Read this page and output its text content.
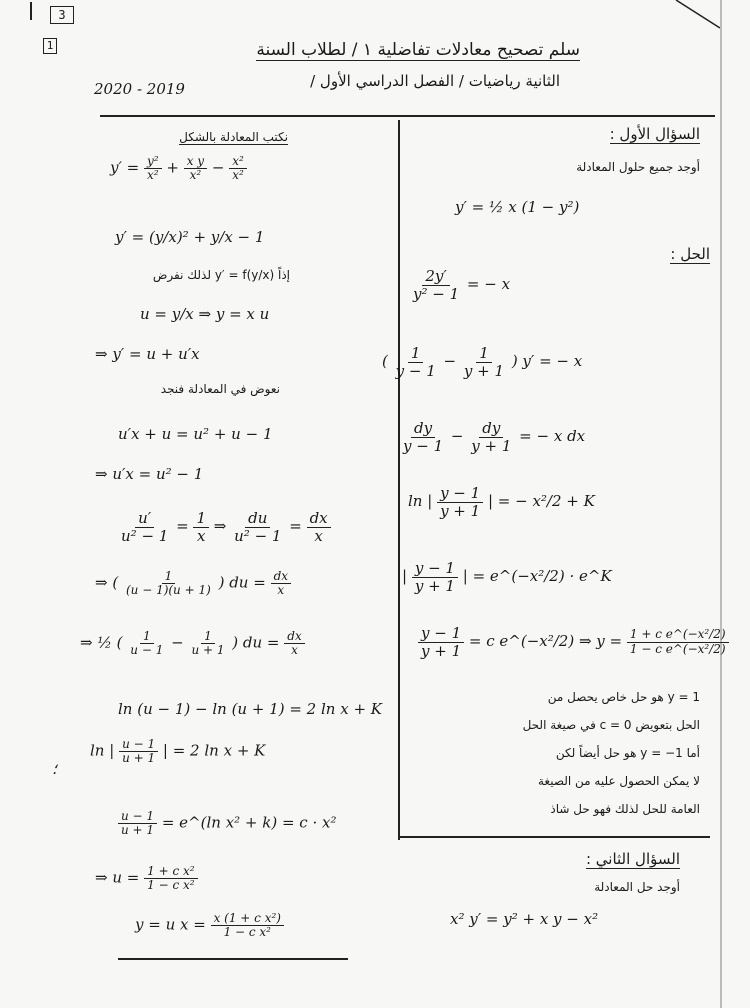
3
1	سلم تصحيح معادلات تفاضلية ١ / لطلاب السنة
الثانية رياضيات / الفصل الدراسي الأول /
2020 - 2019
السؤال الأول :
أوجد جميع حلول المعادلة
y′ = ½ x (1 − y²)
الحل :
$\frac{2y'}{\text{y² − 1}}$ = − x
( $\frac{1}{y - 1} - \frac{1}{y + 1}$ ) y′ = − x
$\frac{dy}{y - 1} - \frac{dy}{y + 1}$ = − x dx
ln | $\frac{y - 1}{y + 1}$ | = − x²/2 + K
| $\frac{y - 1}{y + 1}$ | = e^(−x²/2) · e^K
$\frac{y - 1}{y + 1} = c$ e^(−x²/2) ⇒ $y = \frac{\text{1 + c e\textasciicircum{}(−x²/2)}}{\text{1 − c e\textasciicircum{}(−x²/2)}}$
y = 1 هو حل خاص يحصل من
الحل بتعويض c = 0 في صيغة الحل
أما y = −1 هو حل أيضاً لكن
لا يمكن الحصول عليه من الصيغة
العامة للحل لذلك فهو حل شاذ
السؤال الثاني :
أوجد حل المعادلة
x² y′ = y² + x y − x²
نكتب المعادلة بالشكل
$y' = \frac{\text{y²}}{\text{x²}} + \frac{\text{x y}}{\text{x²}} - \frac{\text{x²}}{\text{x²}}$
y′ = (y/x)² + y/x − 1
إذاً y′ = f(y/x) لذلك نفرض
u = y/x ⇒ y = x u
⇒ y′ = u + u′x
نعوض في المعادلة فنجد
u′x + u = u² + u − 1
⇒ u′x = u² − 1
$\frac{u'}{\text{u² − 1}} = \frac{1}{x}$ ⇒ $\frac{du}{\text{u² − 1}} = \frac{dx}{x}$
⇒ ( $\frac{1}{(u - 1)(u + 1)}$ ) du = $\frac{dx}{x}$
⇒ ½ ( $\frac{1}{u - 1} - \frac{1}{u + 1}$ ) du = $\frac{dx}{x}$
ln (u − 1) − ln (u + 1) = 2 ln x + K
ln | $\frac{u - 1}{u + 1}$ | = 2 ln x + K
؛
$\frac{u - 1}{u + 1}$ = e^(ln x² + k) = c · x²
⇒ $u = \frac{\text{1 + c x²}}{\text{1 − c x²}}$
y = u $x = \frac{\text{x (1 + c x²)}}{\text{1 − c x²}}$
